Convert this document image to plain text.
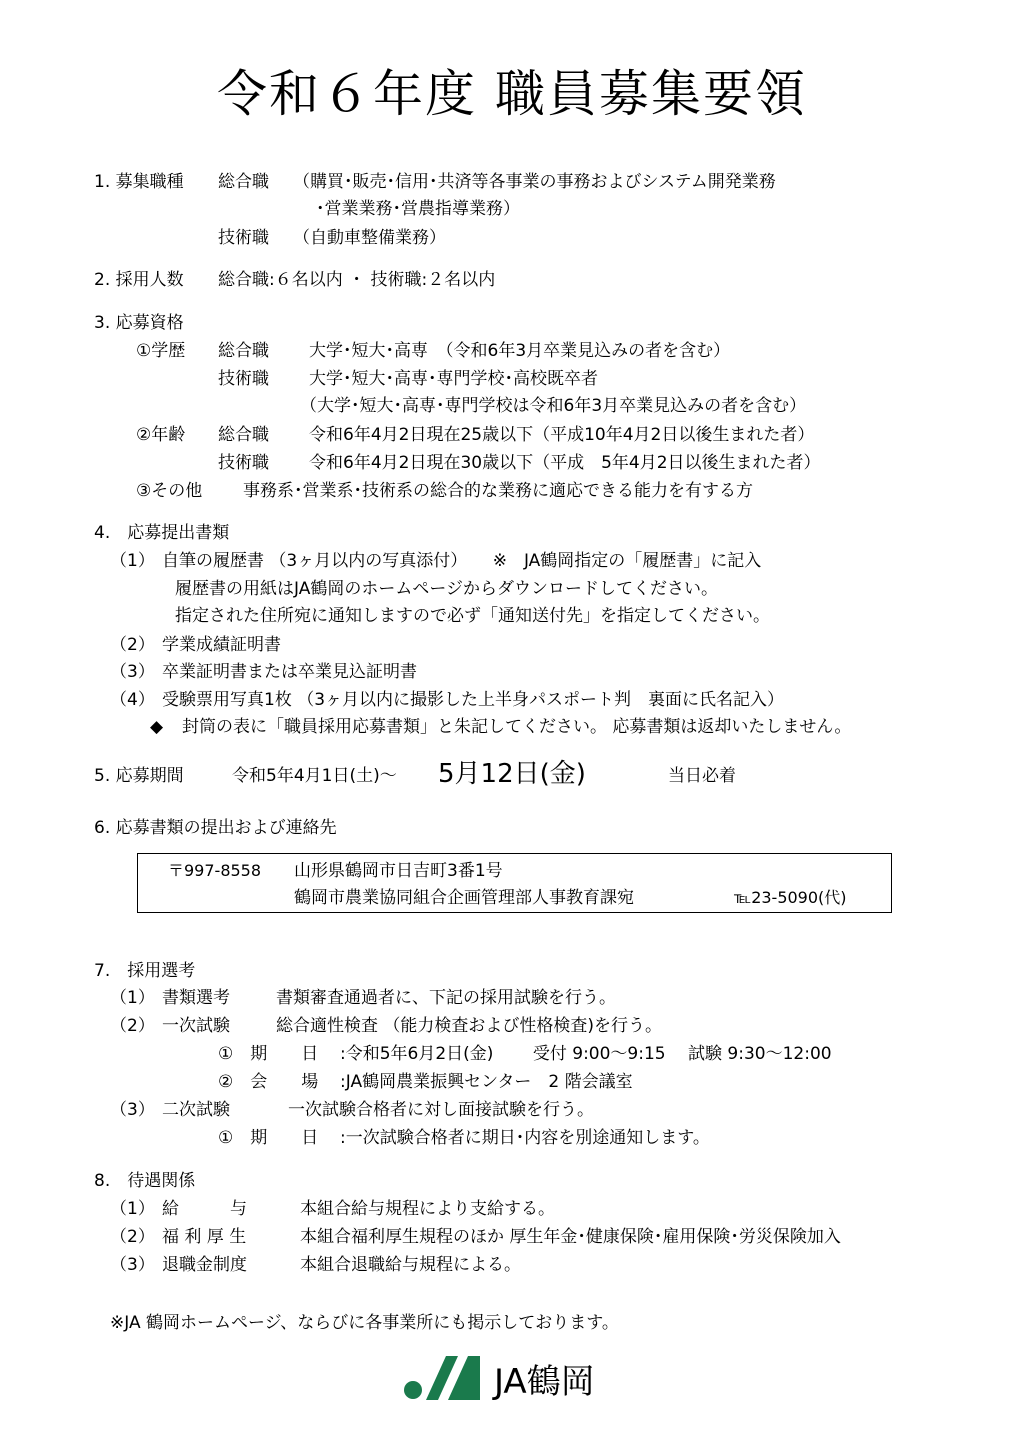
令和６年度 職員募集要領
1. 募集職種 総合職 （購買･販売･信用･共済等各事業の事務およびシステム開発業務
･営業業務･営農指導業務）
技術職 （自動車整備業務）
2. 採用人数 総合職:６名以内 ・ 技術職:２名以内
3. 応募資格
①学歴 総合職 大学･短大･高専　（令和6年3月卒業見込みの者を含む）
技術職 大学･短大･高専･専門学校･高校既卒者
（大学･短大･高専･専門学校は令和6年3月卒業見込みの者を含む）
②年齢 総合職 令和6年4月2日現在25歳以下（平成10年4月2日以後生まれた者）
技術職 令和6年4月2日現在30歳以下（平成　5年4月2日以後生まれた者）
③その他 事務系･営業系･技術系の総合的な業務に適応できる能力を有する方
4.　応募提出書類
（1） 自筆の履歴書 （3ヶ月以内の写真添付）　　※　JA鶴岡指定の「履歴書」に記入
履歴書の用紙はJA鶴岡のホームページからダウンロードしてください。
指定された住所宛に通知しますので必ず「通知送付先」を指定してください。
（2） 学業成績証明書
（3） 卒業証明書または卒業見込証明書
（4） 受験票用写真1枚 （3ヶ月以内に撮影した上半身パスポート判　裏面に氏名記入）
◆ 封筒の表に「職員採用応募書類」と朱記してください。 応募書類は返却いたしません。
5. 応募期間	令和5年4月1日(土)～ 5月12日(金)	当日必着
6. 応募書類の提出および連絡先
〒997-8558 山形県鶴岡市日吉町3番1号
鶴岡市農業協同組合企画管理部人事教育課宛	℡23-5090(代)
7.　採用選考
（1） 書類選考	書類審査通過者に、下記の採用試験を行う。
（2） 一次試験	総合適性検査 （能力検査および性格検査)を行う。
①　期　　日 :令和5年6月2日(金)　　 受付 9:00～9:15　 試験 9:30～12:00
②　会　　場 :JA鶴岡農業振興センター　2 階会議室
（3） 二次試験	一次試験合格者に対し面接試験を行う。
①　期　　日 :一次試験合格者に期日･内容を別途通知します。
8.　待遇関係
（1） 給　　　与	本組合給与規程により支給する。
（2） 福 利 厚 生	本組合福利厚生規程のほか 厚生年金･健康保険･雇用保険･労災保険加入
（3） 退職金制度	本組合退職給与規程による。
※JA 鶴岡ホームページ、ならびに各事業所にも掲示しております。
JA鶴岡
